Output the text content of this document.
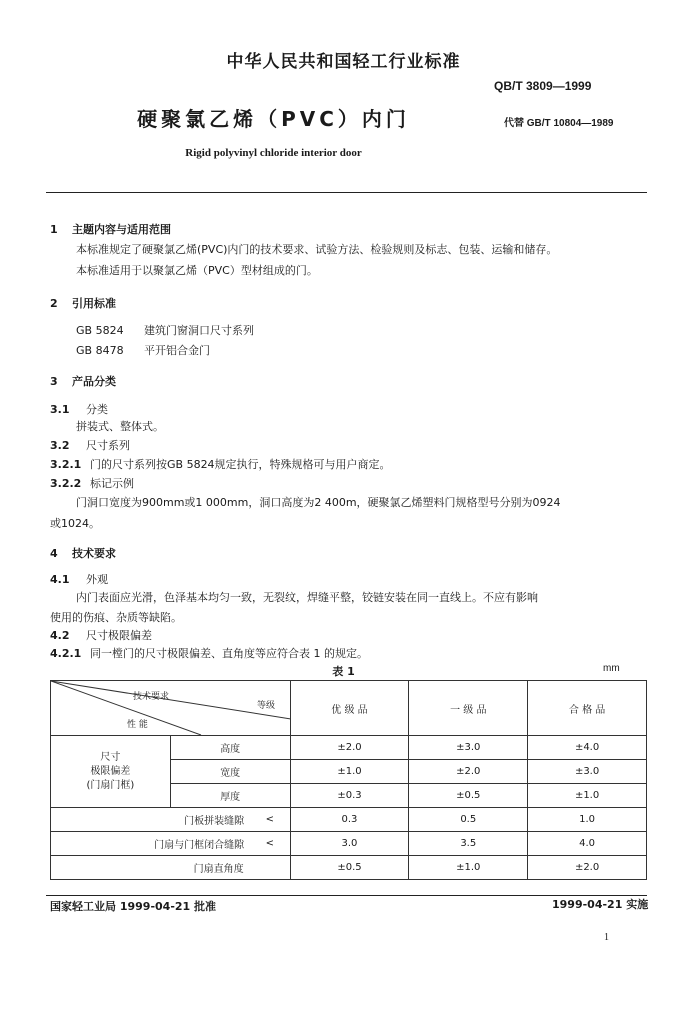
中华人民共和国轻工行业标准
QB/T 3809—1999
硬聚氯乙烯（PVC）内门	代替 GB/T 10804—1989
Rigid polyvinyl chloride interior door
1 主题内容与适用范围
本标准规定了硬聚氯乙烯(PVC)内门的技术要求、试验方法、检验规则及标志、包装、运输和储存。
本标准适用于以聚氯乙烯（PVC）型材组成的门。
2 引用标准
GB 5824 建筑门窗洞口尺寸系列
GB 8478 平开铝合金门
3 产品分类
3.1 分类
拼装式、整体式。
3.2 尺寸系列
3.2.1 门的尺寸系列按GB 5824规定执行，特殊规格可与用户商定。
3.2.2 标记示例
门洞口宽度为900mm或1 000mm，洞口高度为2 400m，硬聚氯乙烯塑料门规格型号分别为0924
或1024。
4 技术要求
4.1 外观
内门表面应光滑，色泽基本均匀一致，无裂纹，焊缝平整，铰链安装在同一直线上。不应有影响
使用的伤痕、杂质等缺陷。
4.2 尺寸极限偏差
4.2.1 同一樘门的尺寸极限偏差、直角度等应符合表 1 的规定。
表 1	mm
技术要求
等级
性 能			优 级 品	一 级 品	合 格 品

尺寸
极限偏差
(门扇门框)	高度		±2.0	±3.0	±4.0
	宽度		±1.0	±2.0	±3.0
	厚度		±0.3	±0.5	±1.0
门板拼装缝隙		<	0.3	0.5	1.0
门扇与门框闭合缝隙		<	3.0	3.5	4.0
门扇直角度			±0.5	±1.0	±2.0
国家轻工业局 1999-04-21 批准	1999-04-21 实施
1
